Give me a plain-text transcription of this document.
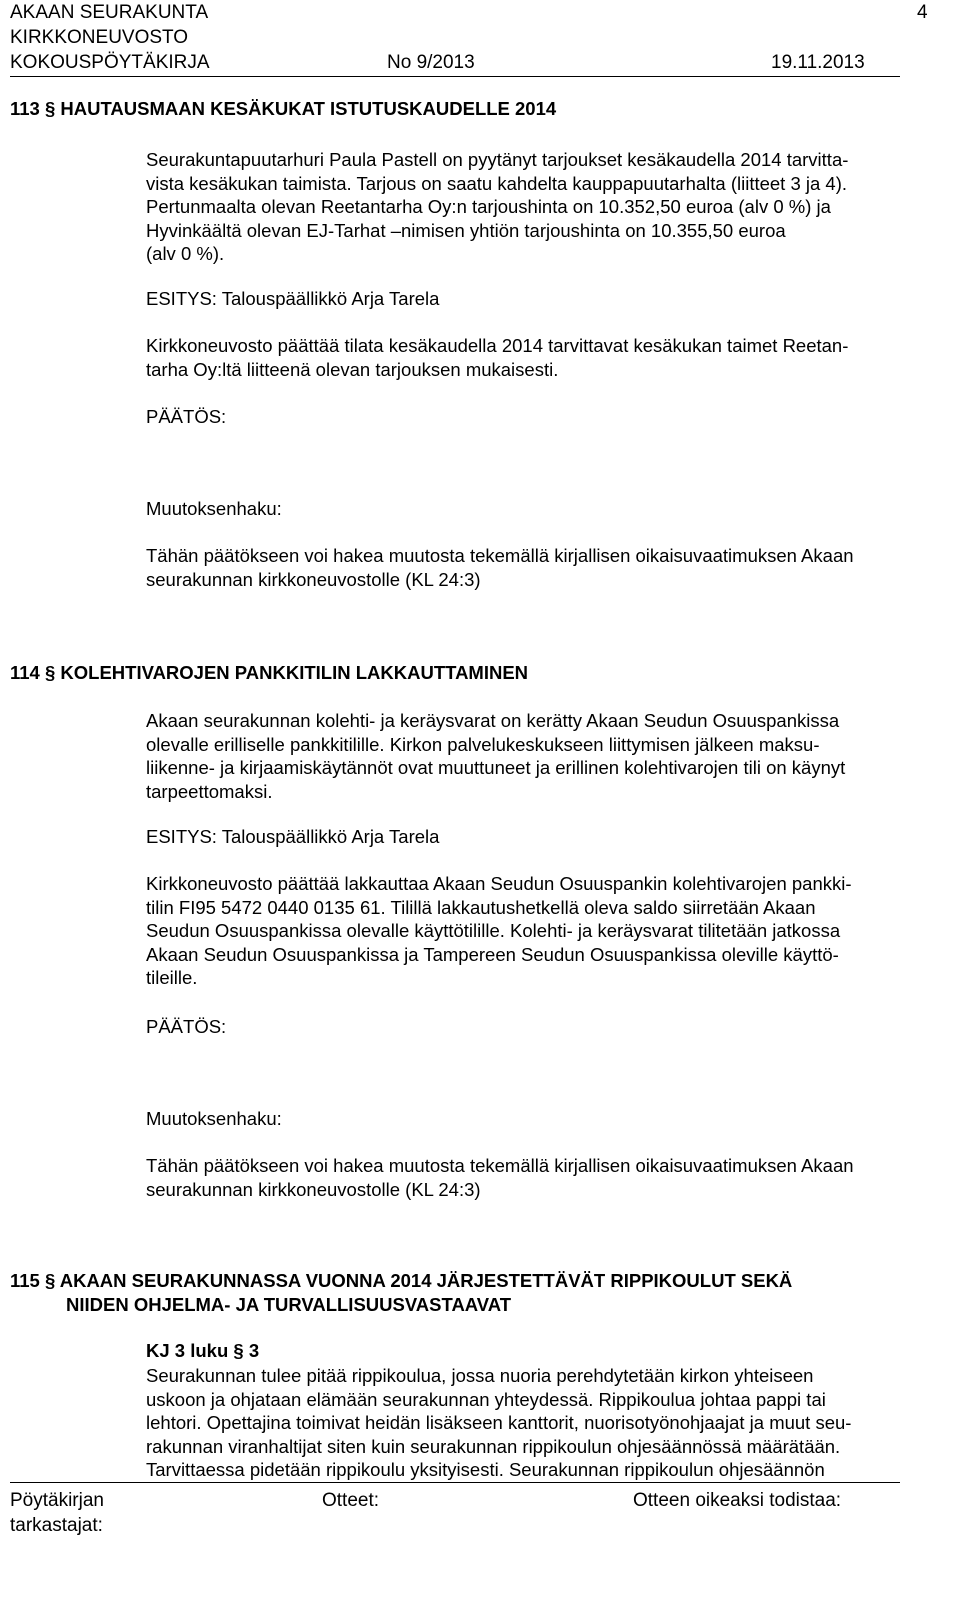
AKAAN SEURAKUNTA
KIRKKONEUVOSTO
KOKOUSPÖYTÄKIRJA	No 9/2013	19.11.2013
4
113 § HAUTAUSMAAN KESÄKUKAT ISTUTUSKAUDELLE 2014
Seurakuntapuutarhuri Paula Pastell on pyytänyt tarjoukset kesäkaudella 2014 tarvitta-
vista kesäkukan taimista. Tarjous on saatu kahdelta kauppapuutarhalta (liitteet 3 ja 4).
Pertunmaalta olevan Reetantarha Oy:n tarjoushinta on 10.352,50 euroa (alv 0 %) ja
Hyvinkäältä olevan EJ-Tarhat –nimisen yhtiön tarjoushinta on 10.355,50 euroa
(alv 0 %).
ESITYS: Talouspäällikkö Arja Tarela
Kirkkoneuvosto päättää tilata kesäkaudella 2014 tarvittavat kesäkukan taimet Reetan-
tarha Oy:ltä liitteenä olevan tarjouksen mukaisesti.
PÄÄTÖS:
Muutoksenhaku:
Tähän päätökseen voi hakea muutosta tekemällä kirjallisen oikaisuvaatimuksen Akaan
seurakunnan kirkkoneuvostolle (KL 24:3)
114 § KOLEHTIVAROJEN PANKKITILIN LAKKAUTTAMINEN
Akaan seurakunnan kolehti- ja keräysvarat on kerätty Akaan Seudun Osuuspankissa
olevalle erilliselle pankkitilille. Kirkon palvelukeskukseen liittymisen jälkeen maksu-
liikenne- ja kirjaamiskäytännöt ovat muuttuneet ja erillinen kolehtivarojen tili on käynyt
tarpeettomaksi.
ESITYS: Talouspäällikkö Arja Tarela
Kirkkoneuvosto päättää lakkauttaa Akaan Seudun Osuuspankin kolehtivarojen pankki-
tilin FI95 5472 0440 0135 61. Tilillä lakkautushetkellä oleva saldo siirretään Akaan
Seudun Osuuspankissa olevalle käyttötilille. Kolehti- ja keräysvarat tilitetään jatkossa
Akaan Seudun Osuuspankissa ja Tampereen Seudun Osuuspankissa oleville käyttö-
tileille.
PÄÄTÖS:
Muutoksenhaku:
Tähän päätökseen voi hakea muutosta tekemällä kirjallisen oikaisuvaatimuksen Akaan
seurakunnan kirkkoneuvostolle (KL 24:3)
115 § AKAAN SEURAKUNNASSA VUONNA 2014 JÄRJESTETTÄVÄT RIPPIKOULUT SEKÄ
NIIDEN OHJELMA- JA TURVALLISUUSVASTAAVAT
KJ 3 luku § 3
Seurakunnan tulee pitää rippikoulua, jossa nuoria perehdytetään kirkon yhteiseen
uskoon ja ohjataan elämään seurakunnan yhteydessä. Rippikoulua johtaa pappi tai
lehtori. Opettajina toimivat heidän lisäkseen kanttorit, nuorisotyönohjaajat ja muut seu-
rakunnan viranhaltijat siten kuin seurakunnan rippikoulun ohjesäännössä määrätään.
Tarvittaessa pidetään rippikoulu yksityisesti. Seurakunnan rippikoulun ohjesäännön
Pöytäkirjan
tarkastajat:
Otteet:	Otteen oikeaksi todistaa:
